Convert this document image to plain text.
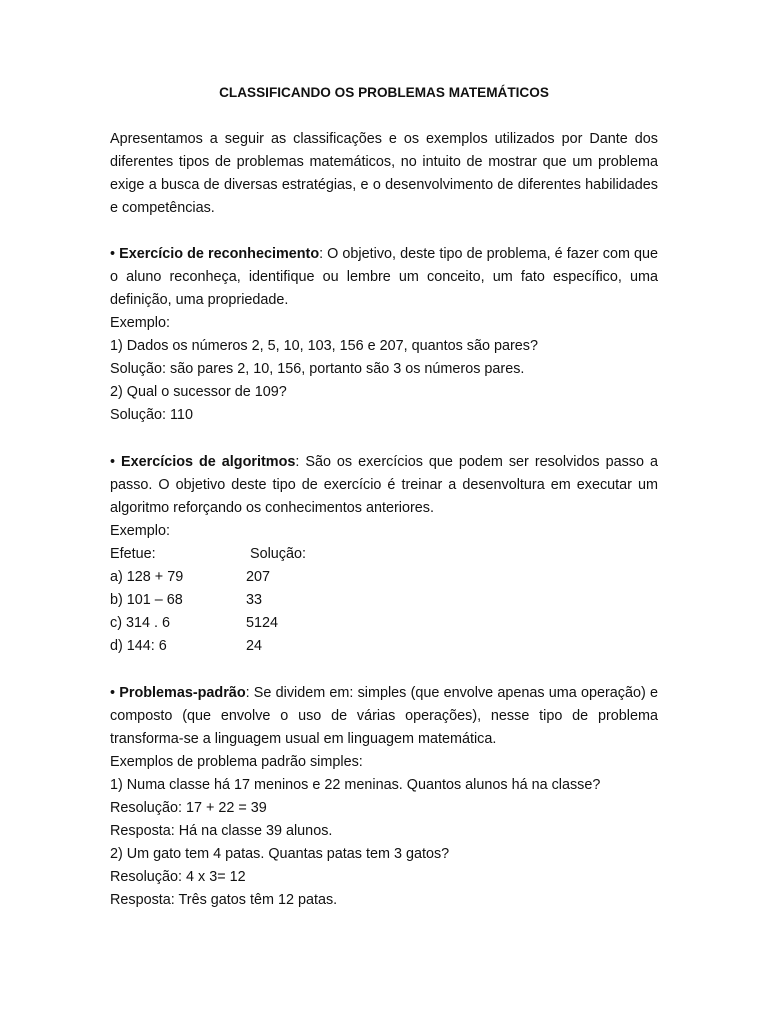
CLASSIFICANDO OS PROBLEMAS MATEMÁTICOS

Apresentamos a seguir as classificações e os exemplos utilizados por Dante dos diferentes tipos de problemas matemáticos, no intuito de mostrar que um problema exige a busca de diversas estratégias, e o desenvolvimento de diferentes habilidades e competências.

• Exercício de reconhecimento: O objetivo, deste tipo de problema, é fazer com que o aluno reconheça, identifique ou lembre um conceito, um fato específico, uma definição, uma propriedade.

Exemplo:

1) Dados os números 2, 5, 10, 103, 156 e 207, quantos são pares?

Solução: são pares 2, 10, 156, portanto são 3 os números pares.

2) Qual o sucessor de 109?

Solução: 110

• Exercícios de algoritmos: São os exercícios que podem ser resolvidos passo a passo. O objetivo deste tipo de exercício é treinar a desenvoltura em executar um algoritmo reforçando os conhecimentos anteriores.

Exemplo:

Efetue:	Solução:
a) 128 + 79	207
b) 101 – 68	33
c) 314 . 6	5124
d) 144: 6	24

• Problemas-padrão: Se dividem em: simples (que envolve apenas uma operação) e composto (que envolve o uso de várias operações), nesse tipo de problema transforma-se a linguagem usual em linguagem matemática.

Exemplos de problema padrão simples:

1) Numa classe há 17 meninos e 22 meninas. Quantos alunos há na classe?

Resolução: 17 + 22 = 39

Resposta: Há na classe 39 alunos.

2) Um gato tem 4 patas. Quantas patas tem 3 gatos?

Resolução: 4 x 3= 12

Resposta: Três gatos têm 12 patas.
